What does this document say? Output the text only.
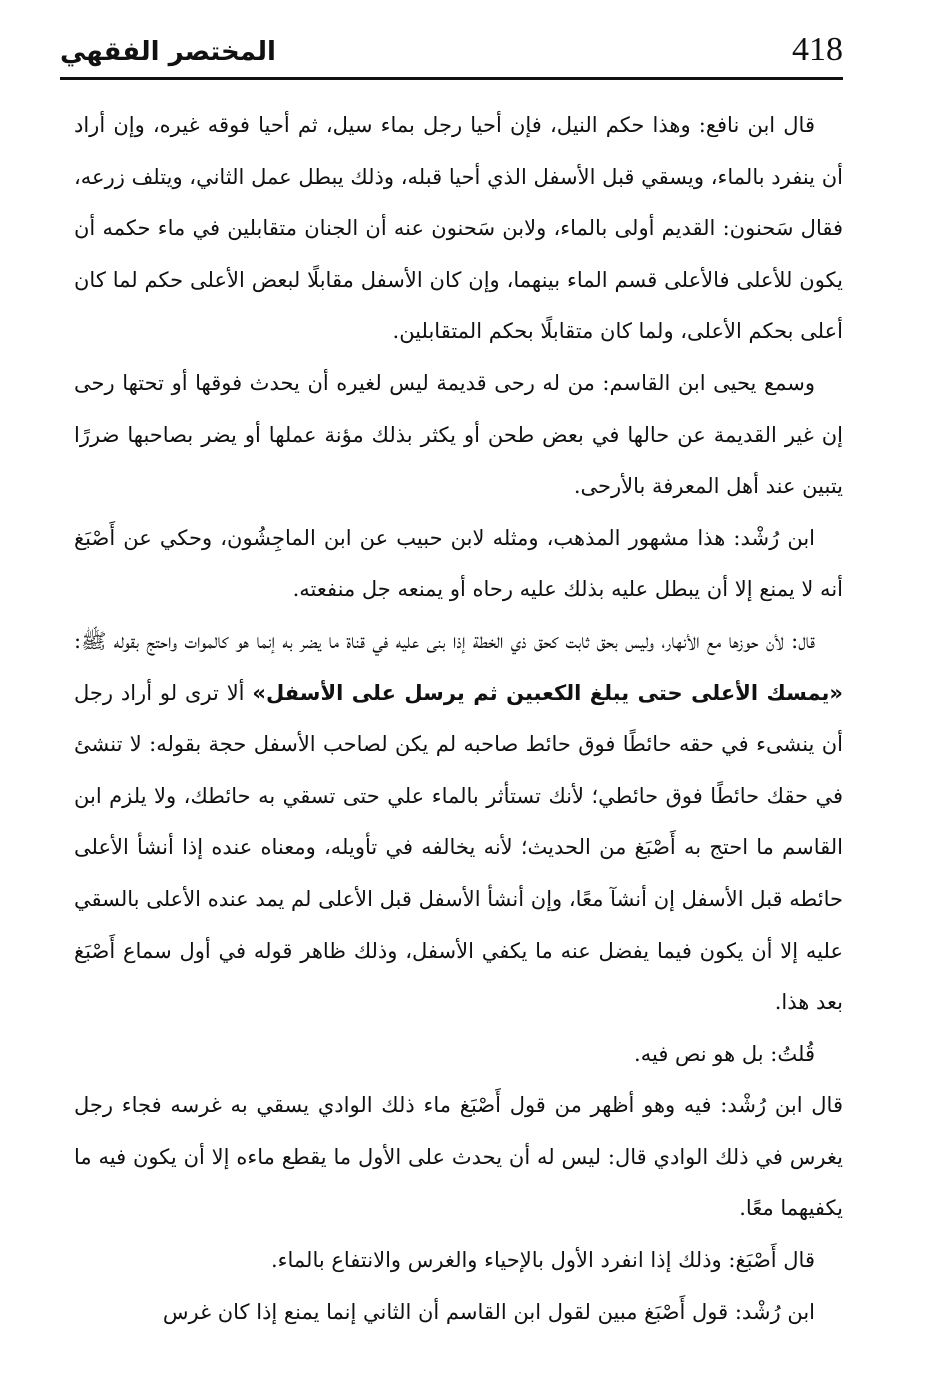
418
المختصر الفقهي

قال ابن نافع: وهذا حكم النيل، فإن أحيا رجل بماء سيل، ثم أحيا فوقه غيره، وإن أراد أن ينفرد بالماء، ويسقي قبل الأسفل الذي أحيا قبله، وذلك يبطل عمل الثاني، ويتلف زرعه، فقال سَحنون: القديم أولى بالماء، ولابن سَحنون عنه أن الجنان متقابلين في ماء حكمه أن يكون للأعلى فالأعلى قسم الماء بينهما، وإن كان الأسفل مقابلًا لبعض الأعلى حكم لما كان أعلى بحكم الأعلى، ولما كان متقابلًا بحكم المتقابلين.

وسمع يحيى ابن القاسم: من له رحى قديمة ليس لغيره أن يحدث فوقها أو تحتها رحى إن غير القديمة عن حالها في بعض طحن أو يكثر بذلك مؤنة عملها أو يضر بصاحبها ضررًا يتبين عند أهل المعرفة بالأرحى.

ابن رُشْد: هذا مشهور المذهب، ومثله لابن حبيب عن ابن الماجِشُون، وحكي عن أَصْبَغ أنه لا يمنع إلا أن يبطل عليه بذلك عليه رحاه أو يمنعه جل منفعته.

قال: لأن حوزها مع الأنهار، وليس بحق ثابت كحق ذي الخطة إذا بنى عليه في قناة ما يضر به إنما هو كالموات واحتج بقوله ﷺ: «يمسك الأعلى حتى يبلغ الكعبين ثم يرسل على الأسفل» ألا ترى لو أراد رجل أن ينشىء في حقه حائطًا فوق حائط صاحبه لم يكن لصاحب الأسفل حجة بقوله: لا تنشئ في حقك حائطًا فوق حائطي؛ لأنك تستأثر بالماء علي حتى تسقي به حائطك، ولا يلزم ابن القاسم ما احتج به أَصْبَغ من الحديث؛ لأنه يخالفه في تأويله، ومعناه عنده إذا أنشأ الأعلى حائطه قبل الأسفل إن أنشآ معًا، وإن أنشأ الأسفل قبل الأعلى لم يمد عنده الأعلى بالسقي عليه إلا أن يكون فيما يفضل عنه ما يكفي الأسفل، وذلك ظاهر قوله في أول سماع أَصْبَغ بعد هذا.

قُلتُ: بل هو نص فيه.

قال ابن رُشْد: فيه وهو أظهر من قول أَصْبَغ ماء ذلك الوادي يسقي به غرسه فجاء رجل يغرس في ذلك الوادي قال: ليس له أن يحدث على الأول ما يقطع ماءه إلا أن يكون فيه ما يكفيهما معًا.

قال أَصْبَغ: وذلك إذا انفرد الأول بالإحياء والغرس والانتفاع بالماء.

ابن رُشْد: قول أَصْبَغ مبين لقول ابن القاسم أن الثاني إنما يمنع إذا كان غرس
